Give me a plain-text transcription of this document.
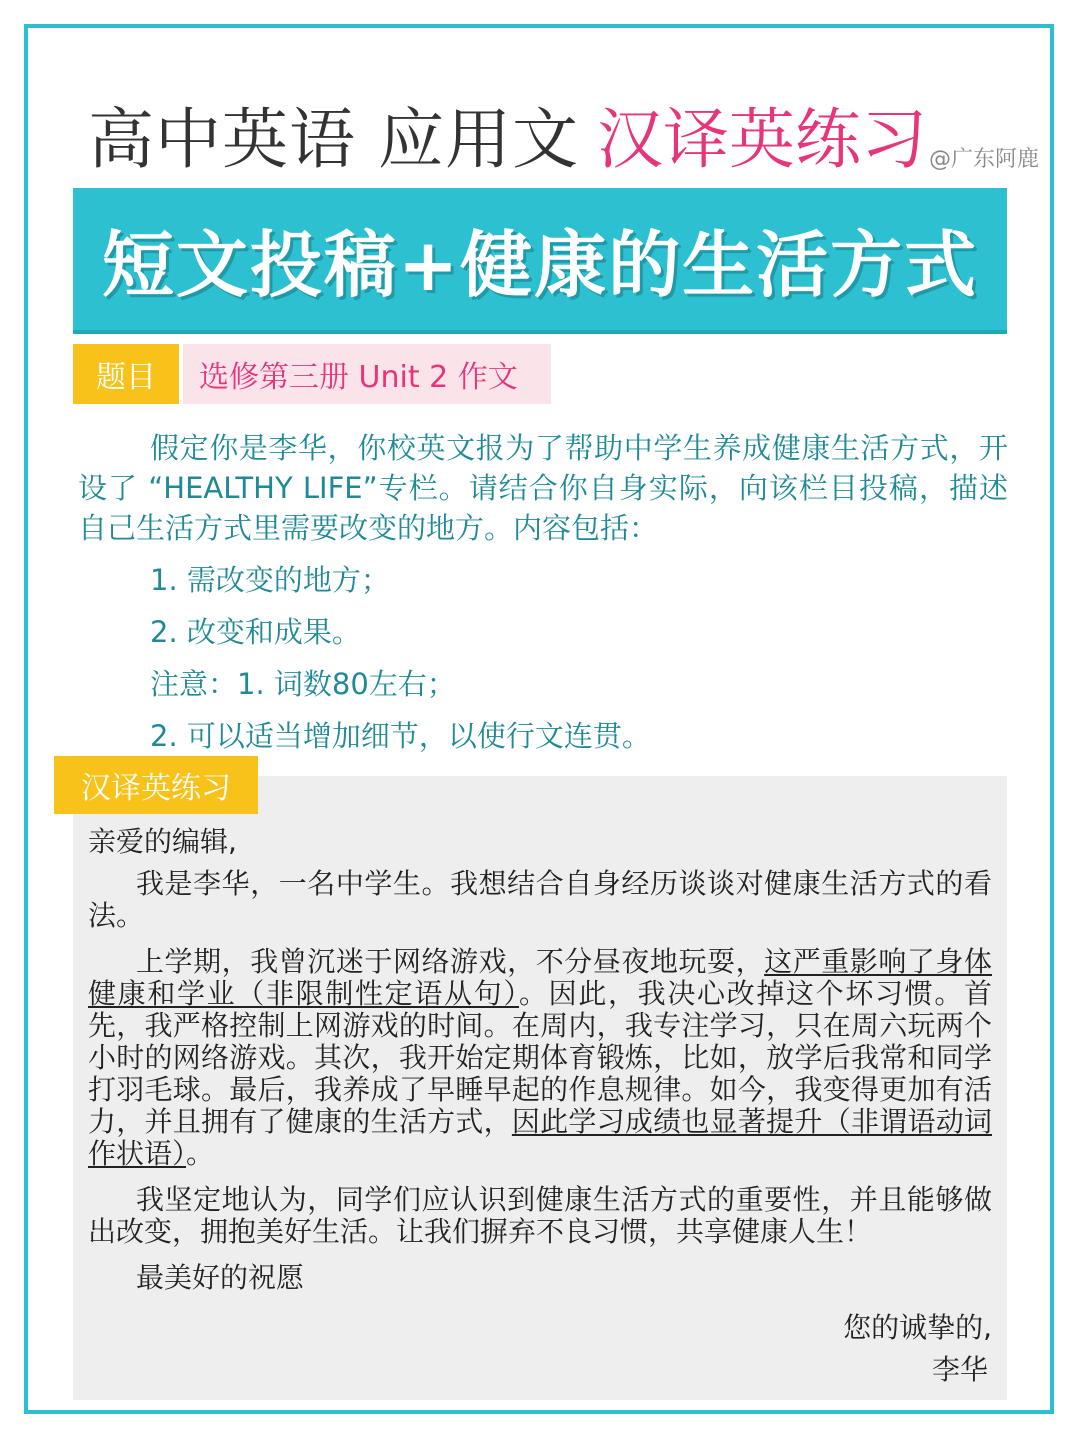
高中英语 应用文 汉译英练习@广东阿鹿
短文投稿+健康的生活方式
题目	选修第三册 Unit 2 作文

假定你是李华，你校英文报为了帮助中学生养成健康生活方式，开设了 “HEALTHY LIFE”专栏。请结合你自身实际，向该栏目投稿，描述自己生活方式里需要改变的地方。内容包括：

1. 需改变的地方；

2. 改变和成果。

注意：1. 词数80左右；

2. 可以适当增加细节，以使行文连贯。

汉译英练习

亲爱的编辑,

我是李华，一名中学生。我想结合自身经历谈谈对健康生活方式的看法。

上学期，我曾沉迷于网络游戏，不分昼夜地玩耍，这严重影响了身体健康和学业（非限制性定语从句）。因此，我决心改掉这个坏习惯。首先，我严格控制上网游戏的时间。在周内，我专注学习，只在周六玩两个小时的网络游戏。其次，我开始定期体育锻炼，比如，放学后我常和同学打羽毛球。最后，我养成了早睡早起的作息规律。如今，我变得更加有活力，并且拥有了健康的生活方式，因此学习成绩也显著提升（非谓语动词作状语）。

我坚定地认为，同学们应认识到健康生活方式的重要性，并且能够做出改变，拥抱美好生活。让我们摒弃不良习惯，共享健康人生！

最美好的祝愿

您的诚挚的,

李华
